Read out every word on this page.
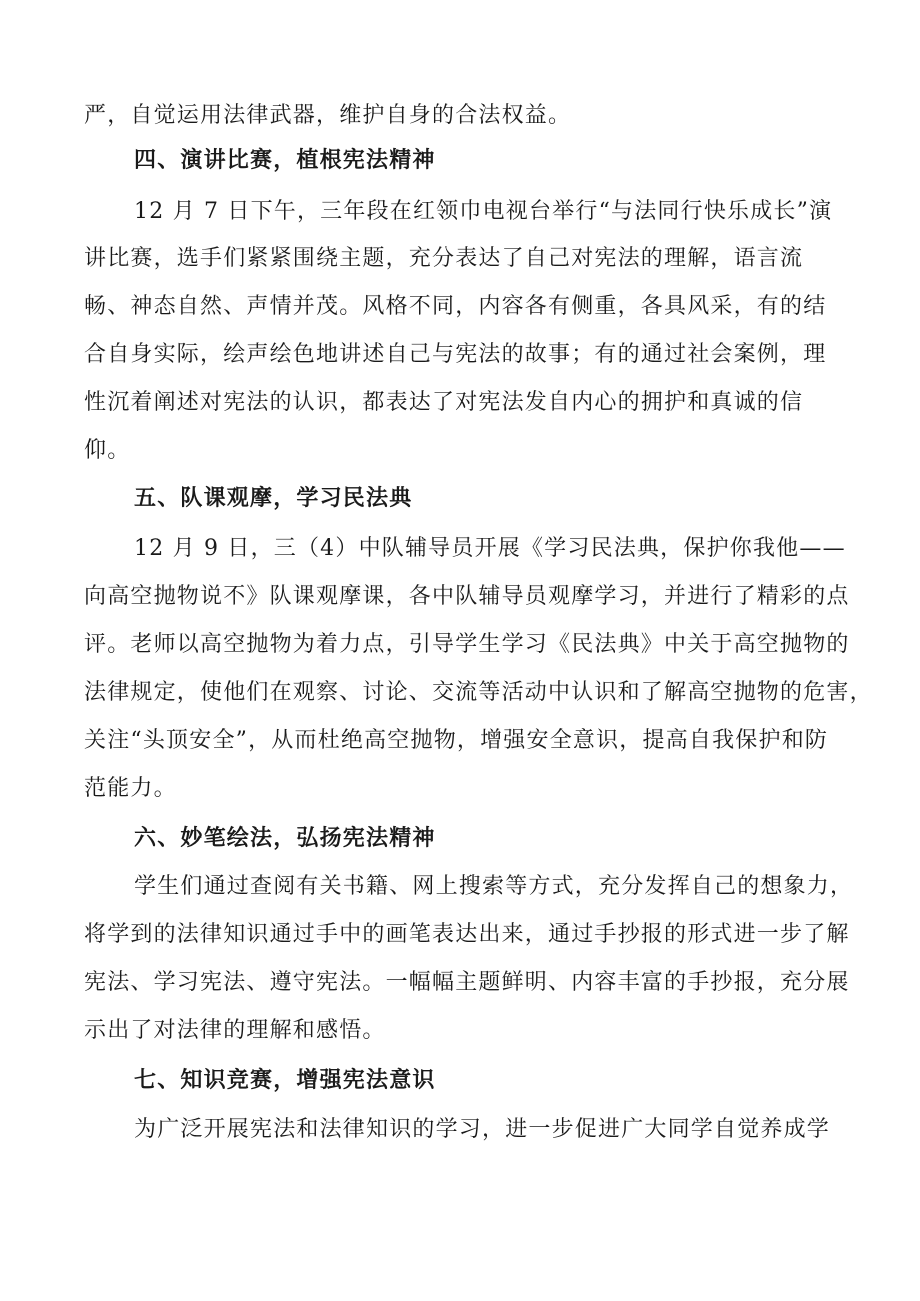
严，自觉运用法律武器，维护自身的合法权益。
四、演讲比赛，植根宪法精神
12 月 7 日下午，三年段在红领巾电视台举行“与法同行快乐成长”演
讲比赛，选手们紧紧围绕主题，充分表达了自己对宪法的理解，语言流
畅、神态自然、声情并茂。风格不同，内容各有侧重，各具风采，有的结
合自身实际，绘声绘色地讲述自己与宪法的故事；有的通过社会案例，理
性沉着阐述对宪法的认识，都表达了对宪法发自内心的拥护和真诚的信
仰。
五、队课观摩，学习民法典
12 月 9 日，三（4）中队辅导员开展《学习民法典，保护你我他——
向高空抛物说不》队课观摩课，各中队辅导员观摩学习，并进行了精彩的点
评。老师以高空抛物为着力点，引导学生学习《民法典》中关于高空抛物的
法律规定，使他们在观察、讨论、交流等活动中认识和了解高空抛物的危害，
关注“头顶安全”，从而杜绝高空抛物，增强安全意识，提高自我保护和防
范能力。
六、妙笔绘法，弘扬宪法精神
学生们通过查阅有关书籍、网上搜索等方式，充分发挥自己的想象力，
将学到的法律知识通过手中的画笔表达出来，通过手抄报的形式进一步了解
宪法、学习宪法、遵守宪法。一幅幅主题鲜明、内容丰富的手抄报，充分展
示出了对法律的理解和感悟。
七、知识竞赛，增强宪法意识
为广泛开展宪法和法律知识的学习，进一步促进广大同学自觉养成学
